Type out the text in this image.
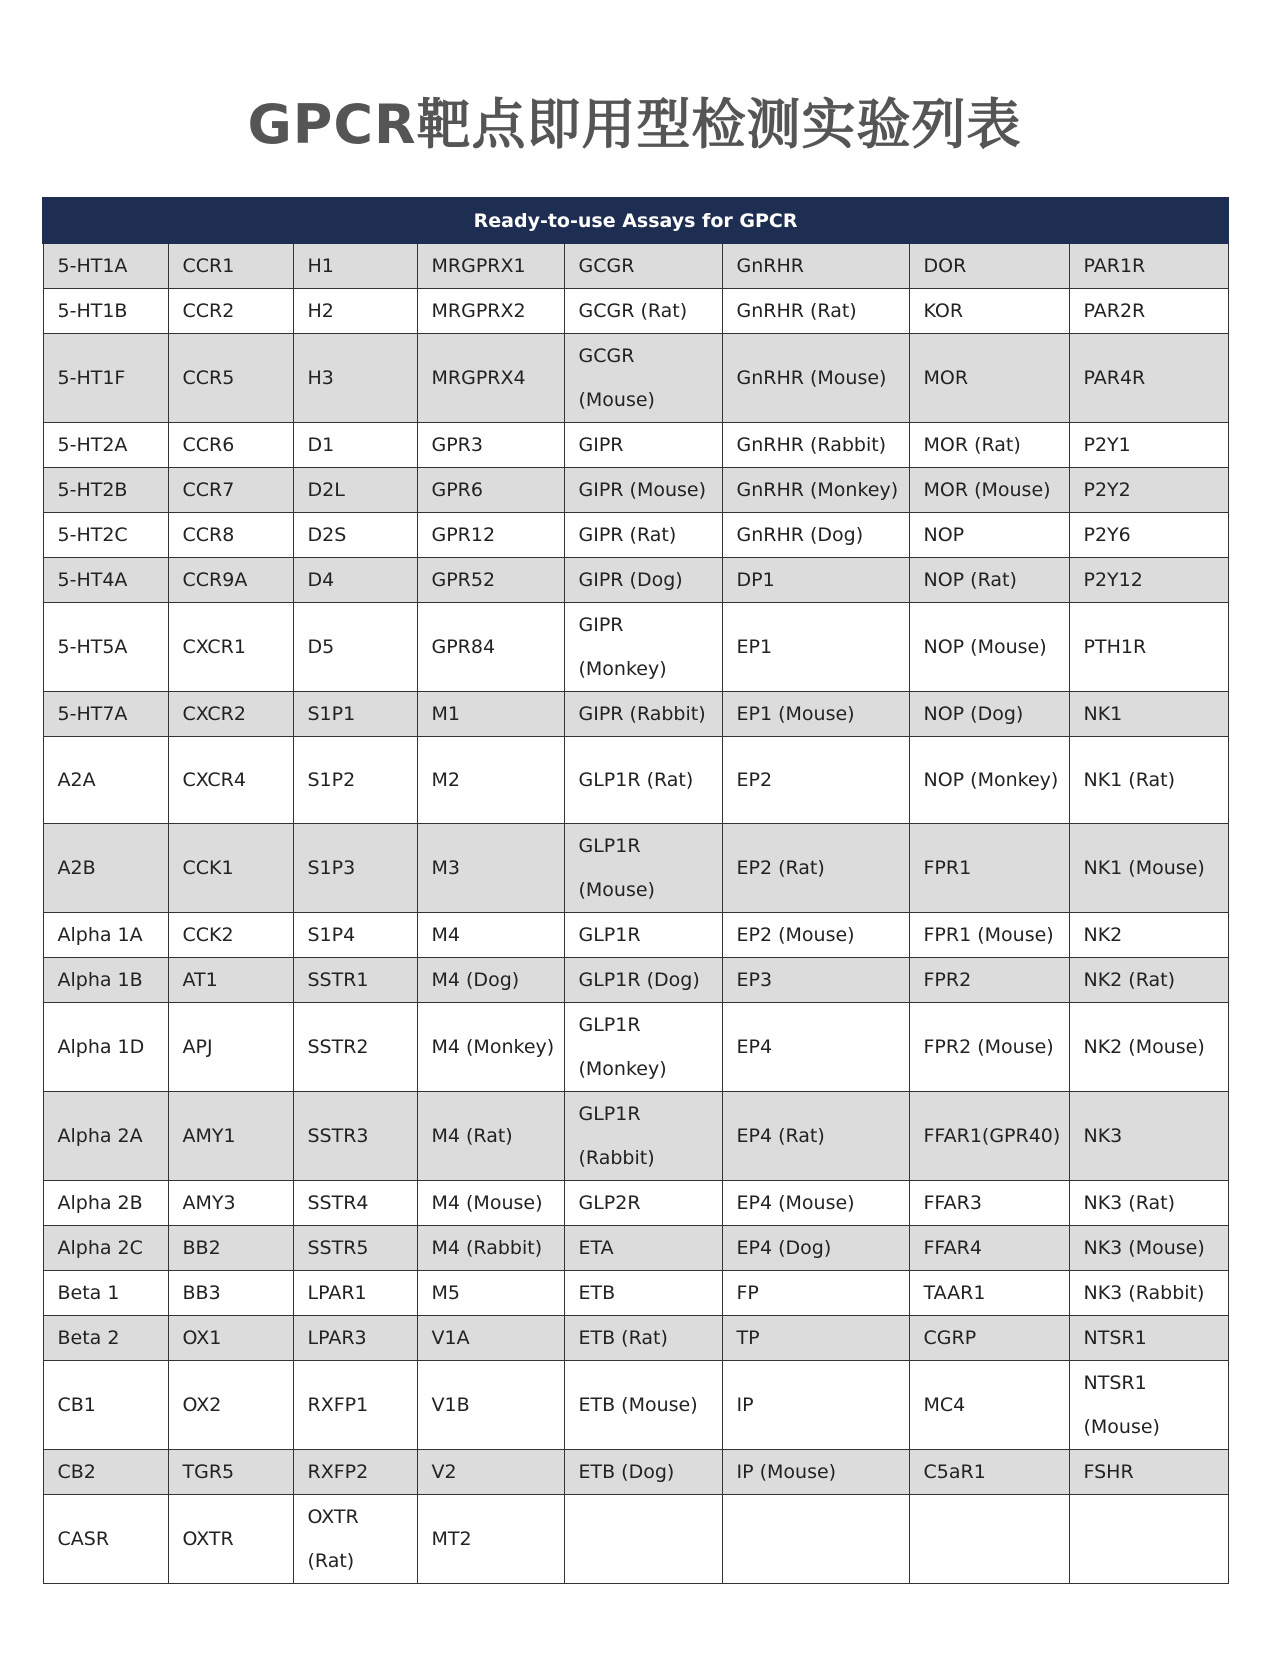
GPCR靶点即用型检测实验列表
Ready-to-use Assays for GPCR							
5-HT1A	CCR1	H1	MRGPRX1	GCGR	GnRHR	DOR	PAR1R
5-HT1B	CCR2	H2	MRGPRX2	GCGR (Rat)	GnRHR (Rat)	KOR	PAR2R
5-HT1F	CCR5	H3	MRGPRX4	GCGR (Mouse)	GnRHR (Mouse)	MOR	PAR4R
5-HT2A	CCR6	D1	GPR3	GIPR	GnRHR (Rabbit)	MOR (Rat)	P2Y1
5-HT2B	CCR7	D2L	GPR6	GIPR (Mouse)	GnRHR (Monkey)	MOR (Mouse)	P2Y2
5-HT2C	CCR8	D2S	GPR12	GIPR (Rat)	GnRHR (Dog)	NOP	P2Y6
5-HT4A	CCR9A	D4	GPR52	GIPR (Dog)	DP1	NOP (Rat)	P2Y12
5-HT5A	CXCR1	D5	GPR84	GIPR (Monkey)	EP1	NOP (Mouse)	PTH1R
5-HT7A	CXCR2	S1P1	M1	GIPR (Rabbit)	EP1 (Mouse)	NOP (Dog)	NK1
A2A	CXCR4	S1P2	M2	GLP1R (Rat)	EP2	NOP (Monkey)	NK1 (Rat)
A2B	CCK1	S1P3	M3	GLP1R (Mouse)	EP2 (Rat)	FPR1	NK1 (Mouse)
Alpha 1A	CCK2	S1P4	M4	GLP1R	EP2 (Mouse)	FPR1 (Mouse)	NK2
Alpha 1B	AT1	SSTR1	M4 (Dog)	GLP1R (Dog)	EP3	FPR2	NK2 (Rat)
Alpha 1D	APJ	SSTR2	M4 (Monkey)	GLP1R (Monkey)	EP4	FPR2 (Mouse)	NK2 (Mouse)
Alpha 2A	AMY1	SSTR3	M4 (Rat)	GLP1R (Rabbit)	EP4 (Rat)	FFAR1(GPR40)	NK3
Alpha 2B	AMY3	SSTR4	M4 (Mouse)	GLP2R	EP4 (Mouse)	FFAR3	NK3 (Rat)
Alpha 2C	BB2	SSTR5	M4 (Rabbit)	ETA	EP4 (Dog)	FFAR4	NK3 (Mouse)
Beta 1	BB3	LPAR1	M5	ETB	FP	TAAR1	NK3 (Rabbit)
Beta 2	OX1	LPAR3	V1A	ETB (Rat)	TP	CGRP	NTSR1
CB1	OX2	RXFP1	V1B	ETB (Mouse)	IP	MC4	NTSR1 (Mouse)
CB2	TGR5	RXFP2	V2	ETB (Dog)	IP (Mouse)	C5aR1	FSHR
CASR	OXTR	OXTR (Rat)	MT2				
